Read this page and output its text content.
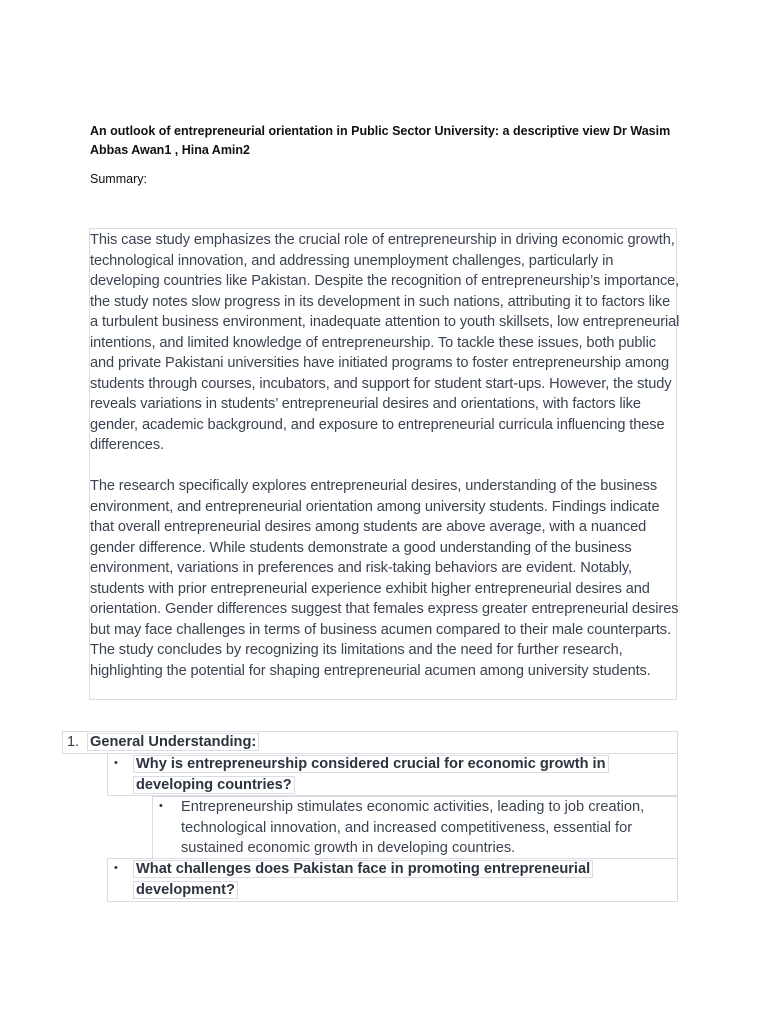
An outlook of entrepreneurial orientation in Public Sector University: a descriptive view Dr Wasim Abbas Awan1 , Hina Amin2
Summary:
This case study emphasizes the crucial role of entrepreneurship in driving economic growth, technological innovation, and addressing unemployment challenges, particularly in developing countries like Pakistan. Despite the recognition of entrepreneurship’s importance, the study notes slow progress in its development in such nations, attributing it to factors like a turbulent business environment, inadequate attention to youth skillsets, low entrepreneurial intentions, and limited knowledge of entrepreneurship. To tackle these issues, both public and private Pakistani universities have initiated programs to foster entrepreneurship among students through courses, incubators, and support for student start-ups. However, the study reveals variations in students’ entrepreneurial desires and orientations, with factors like gender, academic background, and exposure to entrepreneurial curricula influencing these differences.
The research specifically explores entrepreneurial desires, understanding of the business environment, and entrepreneurial orientation among university students. Findings indicate that overall entrepreneurial desires among students are above average, with a nuanced gender difference. While students demonstrate a good understanding of the business environment, variations in preferences and risk-taking behaviors are evident. Notably, students with prior entrepreneurial experience exhibit higher entrepreneurial desires and orientation. Gender differences suggest that females express greater entrepreneurial desires but may face challenges in terms of business acumen compared to their male counterparts. The study concludes by recognizing its limitations and the need for further research, highlighting the potential for shaping entrepreneurial acumen among university students.
1. General Understanding:
• Why is entrepreneurship considered crucial for economic growth in
developing countries?
• Entrepreneurship stimulates economic activities, leading to job creation, technological innovation, and increased competitiveness, essential for sustained economic growth in developing countries.
• What challenges does Pakistan face in promoting entrepreneurial
development?
